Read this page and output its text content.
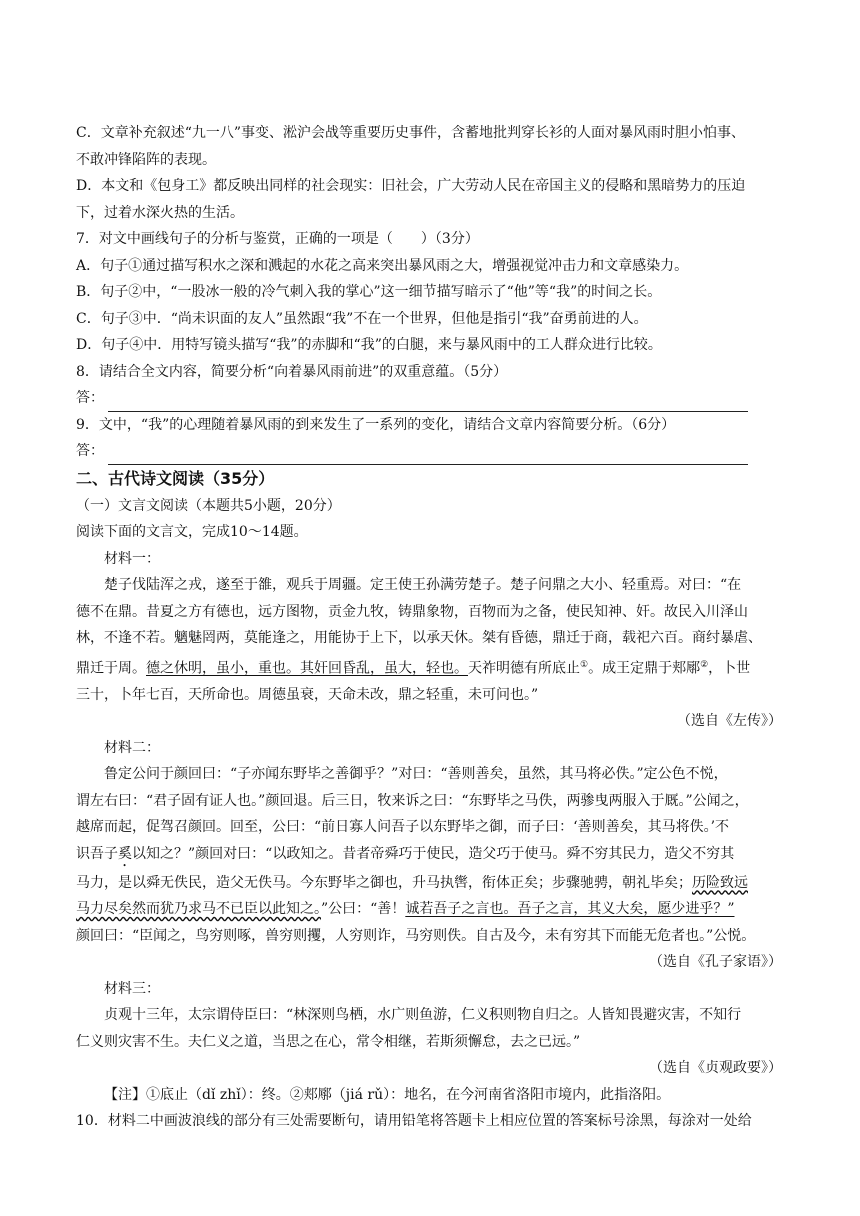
C．文章补充叙述“九一八”事变、淞沪会战等重要历史事件，含蓄地批判穿长衫的人面对暴风雨时胆小怕事、
不敢冲锋陷阵的表现。
D．本文和《包身工》都反映出同样的社会现实：旧社会，广大劳动人民在帝国主义的侵略和黑暗势力的压迫
下，过着水深火热的生活。
7．对文中画线句子的分析与鉴赏，正确的一项是（　　）（3分）
A．句子①通过描写积水之深和溅起的水花之高来突出暴风雨之大，增强视觉冲击力和文章感染力。
B．句子②中，“一股冰一般的冷气刺入我的掌心”这一细节描写暗示了“他”等“我”的时间之长。
C．句子③中．“尚未识面的友人”虽然跟“我”不在一个世界，但他是指引“我”奋勇前进的人。
D．句子④中．用特写镜头描写“我”的赤脚和“我”的白腿，来与暴风雨中的工人群众进行比较。
8．请结合全文内容，简要分析“向着暴风雨前进”的双重意蕴。（5分）
答：
9．文中，“我”的心理随着暴风雨的到来发生了一系列的变化，请结合文章内容简要分析。（6分）
答：
二、古代诗文阅读（35分）
（一）文言文阅读（本题共5小题，20分）
阅读下面的文言文，完成10～14题。
材料一：
楚子伐陆浑之戎，遂至于雒，观兵于周疆。定王使王孙满劳楚子。楚子问鼎之大小、轻重焉。对曰：“在
德不在鼎。昔夏之方有德也，远方图物，贡金九牧，铸鼎象物，百物而为之备，使民知神、奸。故民入川泽山
林，不逢不若。魑魅罔两，莫能逢之，用能协于上下，以承天休。桀有昏德，鼎迁于商，载祀六百。商纣暴虐、
鼎迁于周。德之休明，虽小，重也。其奸回昏乱，虽大，轻也。天祚明德有所底止①。成王定鼎于郏鄏②，卜世
三十，卜年七百，天所命也。周德虽衰，天命未改，鼎之轻重，未可问也。”
（选自《左传》）
材料二：
鲁定公问于颜回曰：“子亦闻东野毕之善御乎？”对曰：“善则善矣，虽然，其马将必佚。”定公色不悦，
谓左右曰：“君子固有证人也。”颜回退。后三日，牧来诉之曰：“东野毕之马佚，两骖曳两服入于厩。”公闻之，
越席而起，促驾召颜回。回至，公曰：“前日寡人问吾子以东野毕之御，而子曰：‘善则善矣，其马将佚。’不
识吾子奚以知之？”颜回对曰：“以政知之。昔者帝舜巧于使民，造父巧于使马。舜不穷其民力，造父不穷其
马力，是以舜无佚民，造父无佚马。今东野毕之御也，升马执辔，衔体正矣；步骤驰骋，朝礼毕矣；历险致远
马力尽矣然而犹乃求马不已臣以此知之。”公曰：“善！诚若吾子之言也。吾子之言，其义大矣，愿少进乎？”
颜回曰：“臣闻之，鸟穷则啄，兽穷则攫，人穷则诈，马穷则佚。自古及今，未有穷其下而能无危者也。”公悦。
（选自《孔子家语》）
材料三：
贞观十三年，太宗谓侍臣曰：“林深则鸟栖，水广则鱼游，仁义积则物自归之。人皆知畏避灾害，不知行
仁义则灾害不生。夫仁义之道，当思之在心，常令相继，若斯须懈怠，去之已远。”
（选自《贞观政要》）
【注】①底止（dǐ zhǐ）：终。②郏鄏（jiá rǔ）：地名，在今河南省洛阳市境内，此指洛阳。
10．材料二中画波浪线的部分有三处需要断句，请用铅笔将答题卡上相应位置的答案标号涂黑，每涂对一处给
